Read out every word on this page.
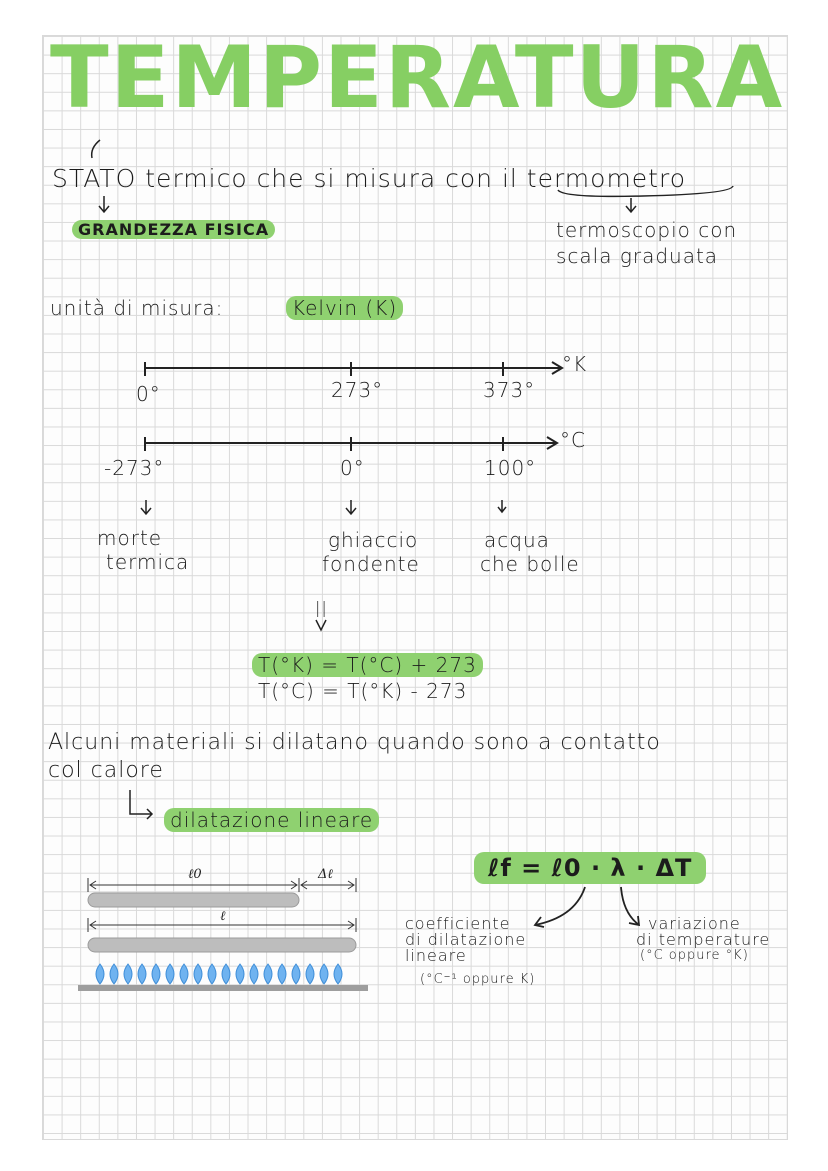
TEMPERATURA
STATO termico che si misura con il termometro
GRANDEZZA FISICA	termoscopio con
scala graduata
unità di misura:	Kelvin (K)
°K
0°	273°	373°
°C
-273°	0°	100°
morte
termica
ghiaccio
fondente
acqua
che bolle
||
T(°K) = T(°C) + 273
T(°C) = T(°K) - 273
Alcuni materiali si dilatano quando sono a contatto
col calore
dilatazione lineare
ℓf = ℓ0 · λ · ΔT
coefficiente
di dilatazione
lineare
(°C⁻¹ oppure K)
variazione
di temperature
(°C oppure °K)
ℓ0	Δℓ
ℓ
